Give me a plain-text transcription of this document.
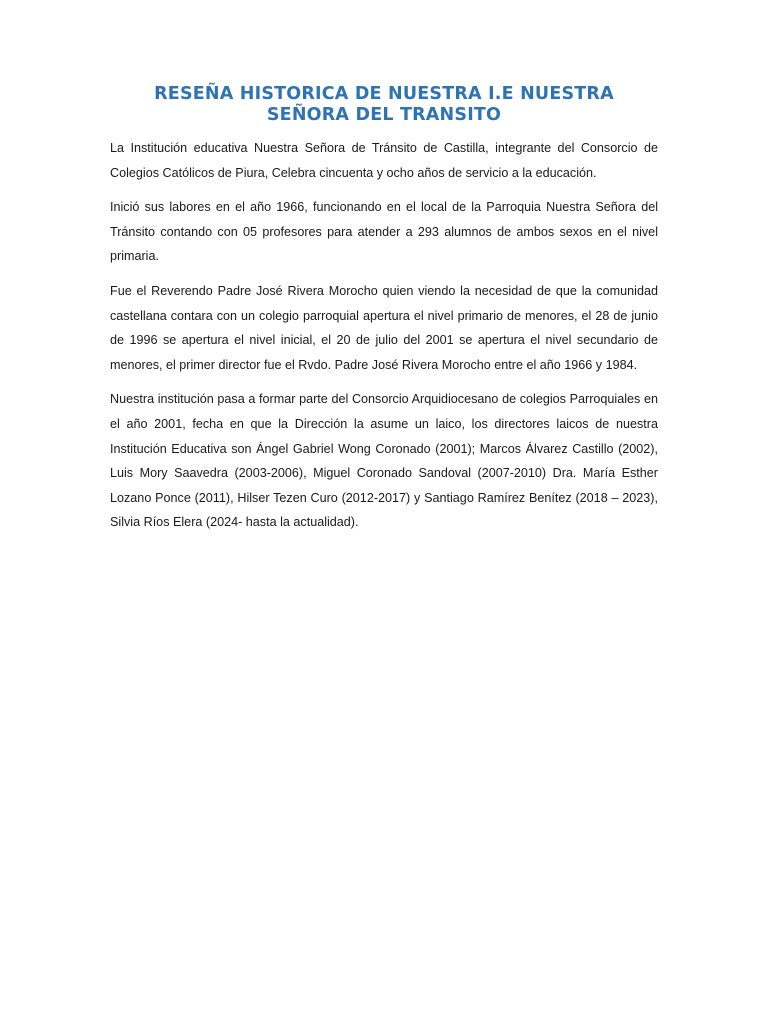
RESEÑA HISTORICA DE NUESTRA I.E NUESTRA SEÑORA DEL TRANSITO

La Institución educativa Nuestra Señora de Tránsito de Castilla, integrante del Consorcio de Colegios Católicos de Piura, Celebra cincuenta y ocho años de servicio a la educación.

Inició sus labores en el año 1966, funcionando en el local de la Parroquia Nuestra Señora del Tránsito contando con 05 profesores para atender a 293 alumnos de ambos sexos en el nivel primaria.

Fue el Reverendo Padre José Rivera Morocho quien viendo la necesidad de que la comunidad castellana contara con un colegio parroquial apertura el nivel primario de menores, el 28 de junio de 1996 se apertura el nivel inicial, el 20 de julio del 2001 se apertura el nivel secundario de menores, el primer director fue el Rvdo. Padre José Rivera Morocho entre el año 1966 y 1984.

Nuestra institución pasa a formar parte del Consorcio Arquidiocesano de colegios Parroquiales en el año 2001, fecha en que la Dirección la asume un laico, los directores laicos de nuestra Institución Educativa son Ángel Gabriel Wong Coronado (2001); Marcos Álvarez Castillo (2002), Luis Mory Saavedra (2003-2006), Miguel Coronado Sandoval (2007-2010) Dra. María Esther Lozano Ponce (2011), Hilser Tezen Curo (2012-2017) y Santiago Ramírez Benítez (2018 – 2023), Silvia Ríos Elera (2024- hasta la actualidad).
